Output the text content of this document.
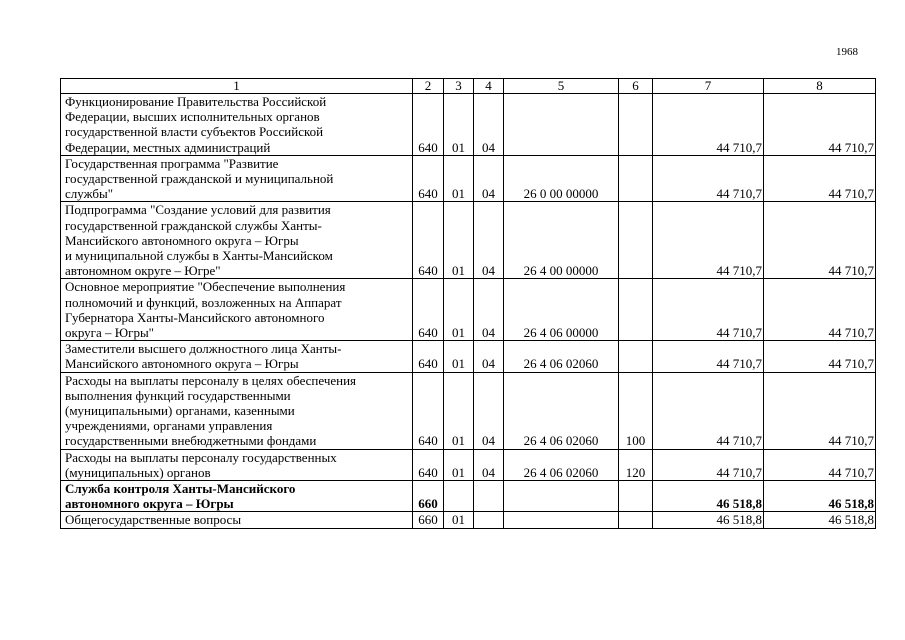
1968
1	2	3	4	5	6	7	8
Функционирование Правительства Российской
Федерации, высших исполнительных органов
государственной власти субъектов Российской
Федерации, местных администраций	640	01	04			44 710,7	44 710,7
Государственная программа "Развитие
государственной гражданской и муниципальной
службы"	640	01	04	26 0 00 00000		44 710,7	44 710,7
Подпрограмма "Создание условий для развития
государственной гражданской службы Ханты-
Мансийского автономного округа – Югры
и муниципальной службы в Ханты-Мансийском
автономном округе – Югре"	640	01	04	26 4 00 00000		44 710,7	44 710,7
Основное мероприятие "Обеспечение выполнения
полномочий и функций, возложенных на Аппарат
Губернатора Ханты-Мансийского автономного
округа – Югры"	640	01	04	26 4 06 00000		44 710,7	44 710,7
Заместители высшего должностного лица Ханты-
Мансийского автономного округа – Югры	640	01	04	26 4 06 02060		44 710,7	44 710,7
Расходы на выплаты персоналу в целях обеспечения
выполнения функций государственными
(муниципальными) органами, казенными
учреждениями, органами управления
государственными внебюджетными фондами	640	01	04	26 4 06 02060	100	44 710,7	44 710,7
Расходы на выплаты персоналу государственных
(муниципальных) органов	640	01	04	26 4 06 02060	120	44 710,7	44 710,7
Служба контроля Ханты-Мансийского
автономного округа – Югры	660					46 518,8	46 518,8
Общегосударственные вопросы	660	01				46 518,8	46 518,8
